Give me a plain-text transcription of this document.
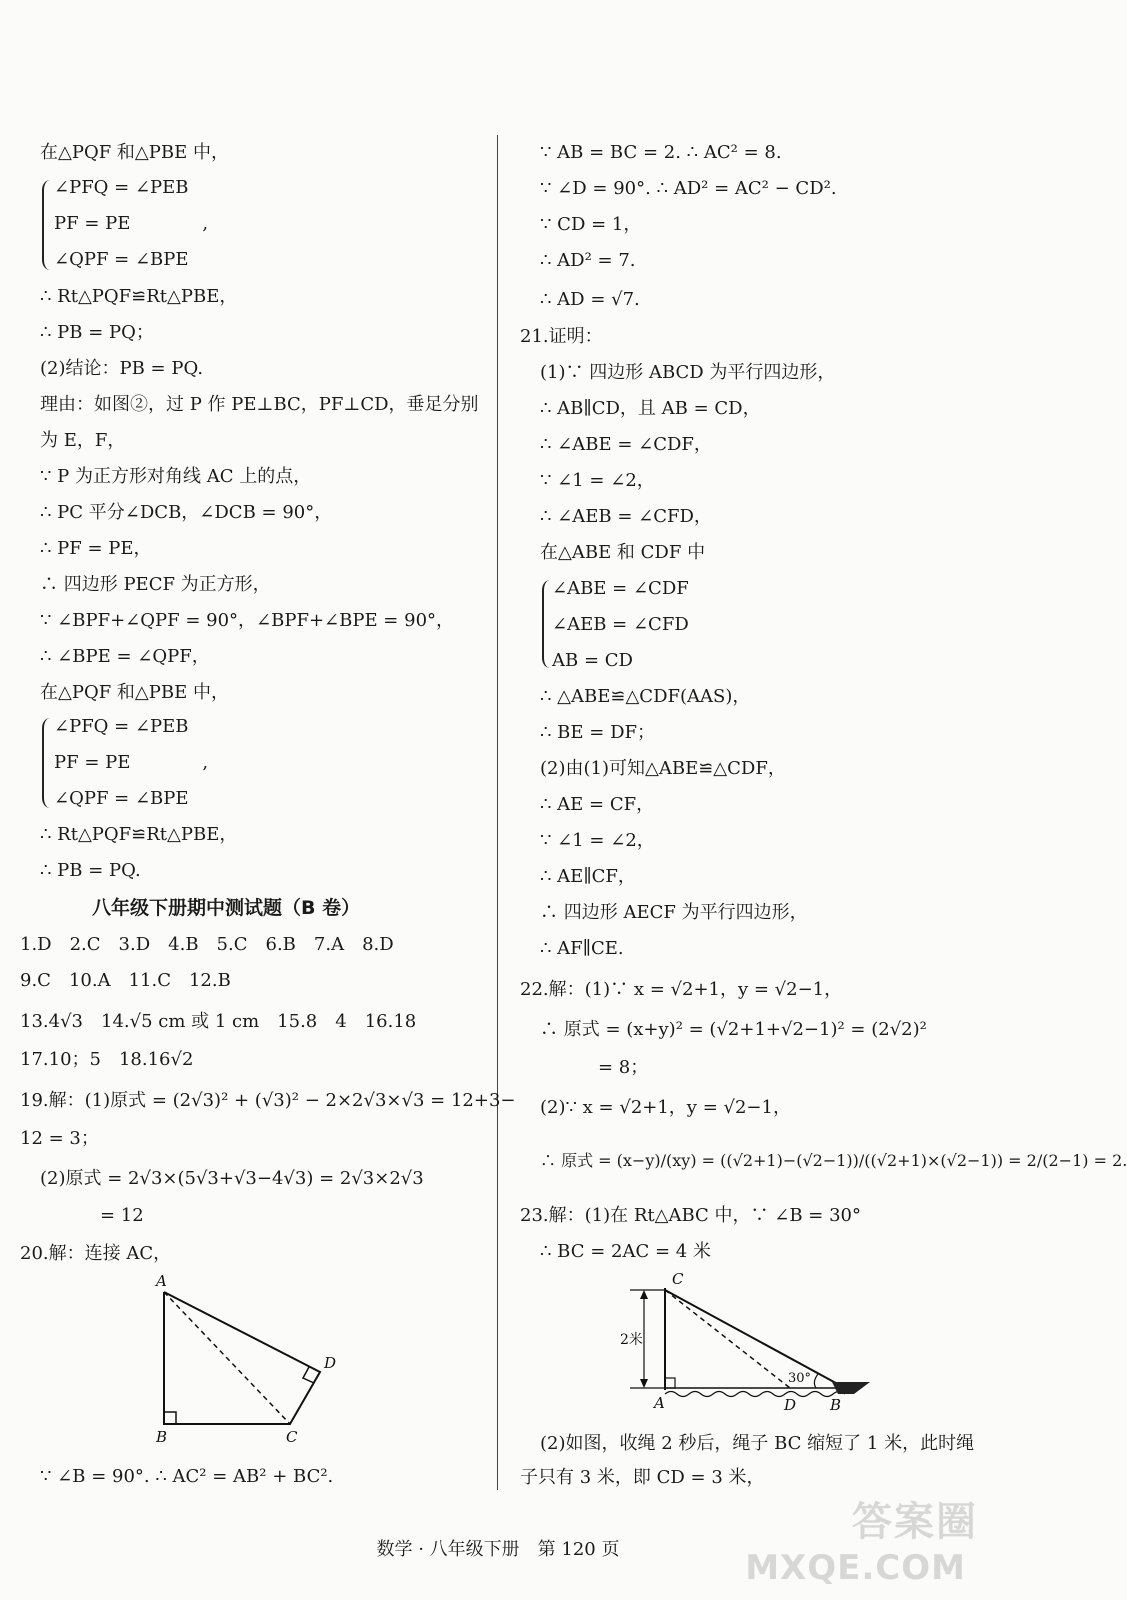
在△PQF 和△PBE 中，
∠PFQ = ∠PEB
PF = PE　　　　,
∠QPF = ∠BPE
∴ Rt△PQF≌Rt△PBE，
∴ PB = PQ；
(2)结论：PB = PQ.
理由：如图②，过 P 作 PE⊥BC，PF⊥CD，垂足分别
为 E，F，
∵ P 为正方形对角线 AC 上的点，
∴ PC 平分∠DCB，∠DCB = 90°，
∴ PF = PE，
∴ 四边形 PECF 为正方形，
∵ ∠BPF+∠QPF = 90°，∠BPF+∠BPE = 90°，
∴ ∠BPE = ∠QPF，
在△PQF 和△PBE 中，
∠PFQ = ∠PEB
PF = PE　　　　,
∠QPF = ∠BPE
∴ Rt△PQF≌Rt△PBE，
∴ PB = PQ.
八年级下册期中测试题（B 卷）
1.D　2.C　3.D　4.B　5.C　6.B　7.A　8.D
9.C　10.A　11.C　12.B
13.4√3　14.√5 cm 或 1 cm　15.8　4　16.18
17.10；5　18.16√2
19.解：(1)原式 = (2√3)² + (√3)² − 2×2√3×√3 = 12+3−
12 = 3；
(2)原式 = 2√3×(5√3+√3−4√3) = 2√3×2√3
= 12
20.解：连接 AC，
A
B	C
D
∵ ∠B = 90°. ∴ AC² = AB² + BC².
∵ AB = BC = 2. ∴ AC² = 8.
∵ ∠D = 90°. ∴ AD² = AC² − CD².
∵ CD = 1，
∴ AD² = 7.
∴ AD = √7.
21.证明：
(1)∵ 四边形 ABCD 为平行四边形，
∴ AB∥CD，且 AB = CD，
∴ ∠ABE = ∠CDF，
∵ ∠1 = ∠2，
∴ ∠AEB = ∠CFD，
在△ABE 和 CDF 中
∠ABE = ∠CDF
∠AEB = ∠CFD
AB = CD
∴ △ABE≌△CDF(AAS)，
∴ BE = DF；
(2)由(1)可知△ABE≌△CDF，
∴ AE = CF，
∵ ∠1 = ∠2，
∴ AE∥CF，
∴ 四边形 AECF 为平行四边形，
∴ AF∥CE.
22.解：(1)∵ x = √2+1，y = √2−1，
∴ 原式 = (x+y)² = (√2+1+√2−1)² = (2√2)²
= 8；
(2)∵ x = √2+1，y = √2−1，
∴ 原式 = (x−y)/(xy) = ((√2+1)−(√2−1))/((√2+1)×(√2−1)) = 2/(2−1) = 2.
23.解：(1)在 Rt△ABC 中，∵ ∠B = 30°
∴ BC = 2AC = 4 米
C
A	D B
2米
30°
(2)如图，收绳 2 秒后，绳子 BC 缩短了 1 米，此时绳
子只有 3 米，即 CD = 3 米，
数学 · 八年级下册　第 120 页
答案圈
MXQE.COM
